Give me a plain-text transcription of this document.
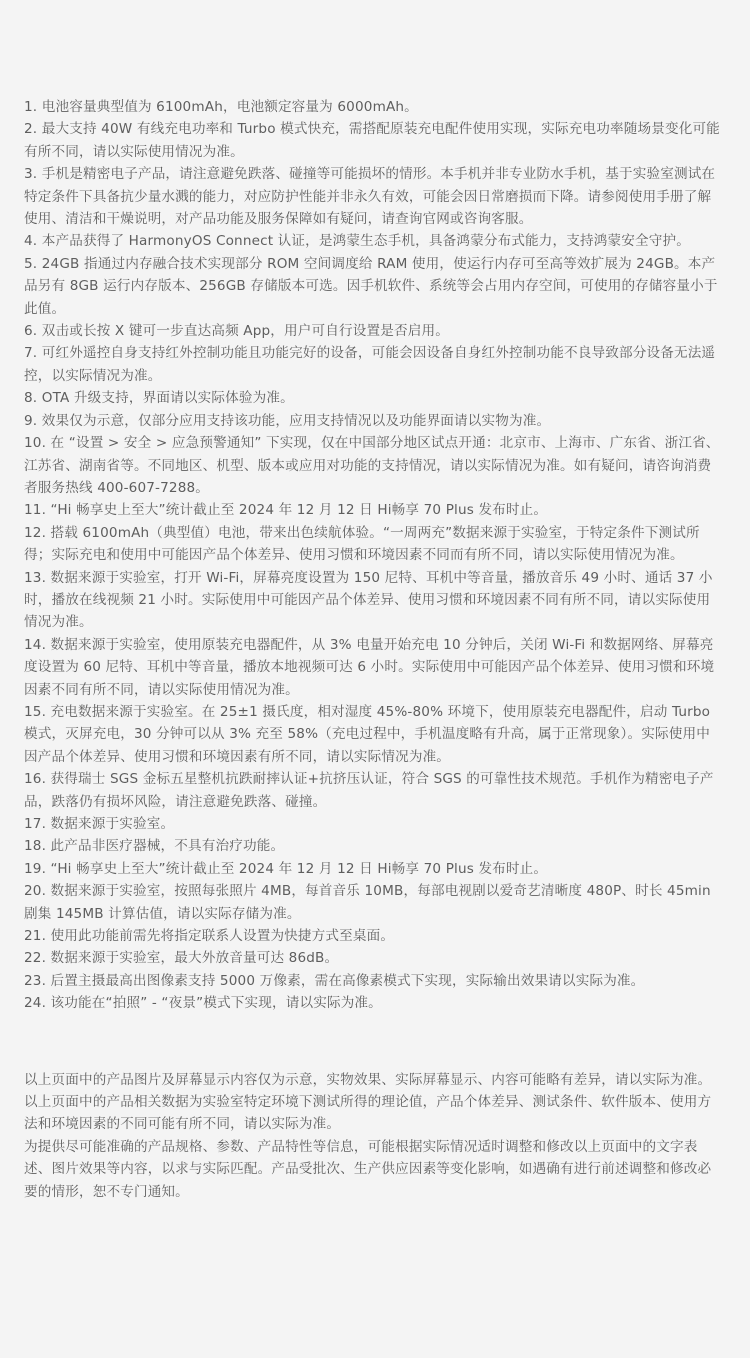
1. 电池容量典型值为 6100mAh，电池额定容量为 6000mAh。

2. 最大支持 40W 有线充电功率和 Turbo 模式快充，需搭配原装充电配件使用实现，实际充电功率随场景变化可能有所不同，请以实际使用情况为准。

3. 手机是精密电子产品，请注意避免跌落、碰撞等可能损坏的情形。本手机并非专业防水手机，基于实验室测试在特定条件下具备抗少量水溅的能力，对应防护性能并非永久有效，可能会因日常磨损而下降。请参阅使用手册了解使用、清洁和干燥说明，对产品功能及服务保障如有疑问，请查询官网或咨询客服。

4. 本产品获得了 HarmonyOS Connect 认证，是鸿蒙生态手机，具备鸿蒙分布式能力，支持鸿蒙安全守护。

5. 24GB 指通过内存融合技术实现部分 ROM 空间调度给 RAM 使用，使运行内存可至高等效扩展为 24GB。本产品另有 8GB 运行内存版本、256GB 存储版本可选。因手机软件、系统等会占用内存空间，可使用的存储容量小于此值。

6. 双击或长按 X 键可一步直达高频 App，用户可自行设置是否启用。

7. 可红外遥控自身支持红外控制功能且功能完好的设备，可能会因设备自身红外控制功能不良导致部分设备无法遥控，以实际情况为准。

8. OTA 升级支持，界面请以实际体验为准。

9. 效果仅为示意，仅部分应用支持该功能，应用支持情况以及功能界面请以实物为准。

10. 在 “设置 > 安全 > 应急预警通知” 下实现，仅在中国部分地区试点开通：北京市、上海市、广东省、浙江省、江苏省、湖南省等。不同地区、机型、版本或应用对功能的支持情况，请以实际情况为准。如有疑问，请咨询消费者服务热线 400-607-7288。

11. “Hi 畅享史上至大”统计截止至 2024 年 12 月 12 日 Hi畅享 70 Plus 发布时止。

12. 搭载 6100mAh（典型值）电池，带来出色续航体验。“一周两充”数据来源于实验室，于特定条件下测试所得；实际充电和使用中可能因产品个体差异、使用习惯和环境因素不同而有所不同，请以实际使用情况为准。

13. 数据来源于实验室，打开 Wi-Fi，屏幕亮度设置为 150 尼特、耳机中等音量，播放音乐 49 小时、通话 37 小时，播放在线视频 21 小时。实际使用中可能因产品个体差异、使用习惯和环境因素不同有所不同，请以实际使用情况为准。

14. 数据来源于实验室，使用原装充电器配件，从 3% 电量开始充电 10 分钟后，关闭 Wi-Fi 和数据网络、屏幕亮度设置为 60 尼特、耳机中等音量，播放本地视频可达 6 小时。实际使用中可能因产品个体差异、使用习惯和环境因素不同有所不同，请以实际使用情况为准。

15. 充电数据来源于实验室。在 25±1 摄氏度，相对湿度 45%-80% 环境下，使用原装充电器配件，启动 Turbo 模式，灭屏充电，30 分钟可以从 3% 充至 58%（充电过程中，手机温度略有升高，属于正常现象）。实际使用中因产品个体差异、使用习惯和环境因素有所不同，请以实际情况为准。

16. 获得瑞士 SGS 金标五星整机抗跌耐摔认证+抗挤压认证，符合 SGS 的可靠性技术规范。手机作为精密电子产品，跌落仍有损坏风险，请注意避免跌落、碰撞。

17. 数据来源于实验室。

18. 此产品非医疗器械，不具有治疗功能。

19. “Hi 畅享史上至大”统计截止至 2024 年 12 月 12 日 Hi畅享 70 Plus 发布时止。

20. 数据来源于实验室，按照每张照片 4MB，每首音乐 10MB，每部电视剧以爱奇艺清晰度 480P、时长 45min 剧集 145MB 计算估值，请以实际存储为准。

21. 使用此功能前需先将指定联系人设置为快捷方式至桌面。

22. 数据来源于实验室，最大外放音量可达 86dB。

23. 后置主摄最高出图像素支持 5000 万像素，需在高像素模式下实现，实际输出效果请以实际为准。

24. 该功能在“拍照” - “夜景”模式下实现，请以实际为准。

以上页面中的产品图片及屏幕显示内容仅为示意，实物效果、实际屏幕显示、内容可能略有差异，请以实际为准。

以上页面中的产品相关数据为实验室特定环境下测试所得的理论值，产品个体差异、测试条件、软件版本、使用方法和环境因素的不同可能有所不同，请以实际为准。

为提供尽可能准确的产品规格、参数、产品特性等信息，可能根据实际情况适时调整和修改以上页面中的文字表述、图片效果等内容，以求与实际匹配。产品受批次、生产供应因素等变化影响，如遇确有进行前述调整和修改必要的情形，恕不专门通知。
